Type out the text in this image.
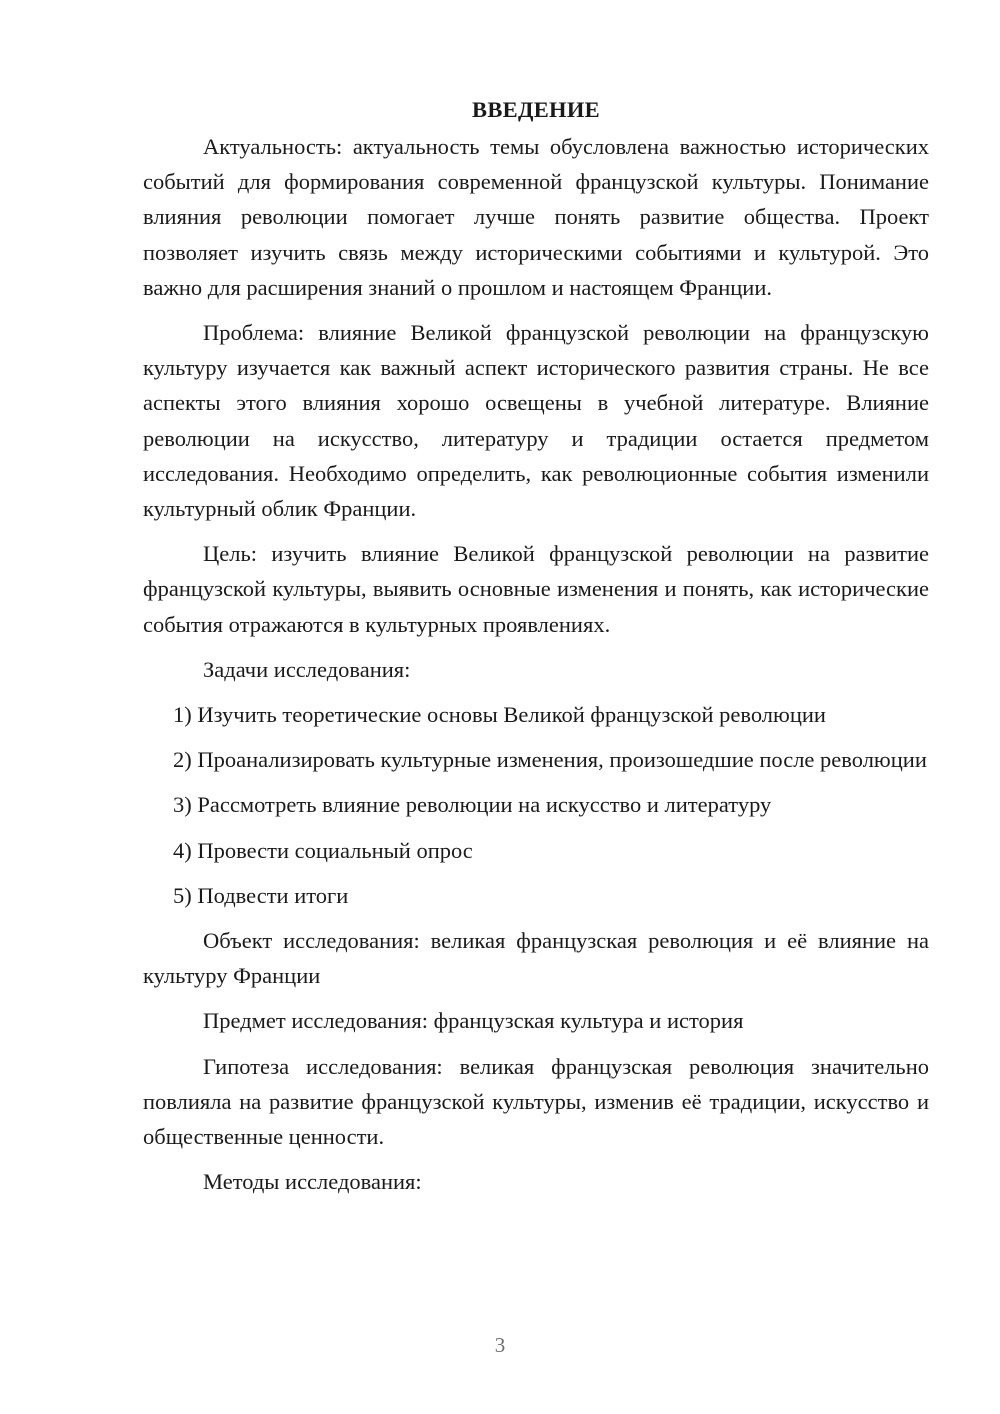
ВВЕДЕНИЕ

Актуальность: актуальность темы обусловлена важностью исторических событий для формирования современной французской культуры. Понимание влияния революции помогает лучше понять развитие общества. Проект позволяет изучить связь между историческими событиями и культурой. Это важно для расширения знаний о прошлом и настоящем Франции.

Проблема: влияние Великой французской революции на французскую культуру изучается как важный аспект исторического развития страны. Не все аспекты этого влияния хорошо освещены в учебной литературе. Влияние революции на искусство, литературу и традиции остается предметом исследования. Необходимо определить, как революционные события изменили культурный облик Франции.

Цель: изучить влияние Великой французской революции на развитие французской культуры, выявить основные изменения и понять, как исторические события отражаются в культурных проявлениях.

Задачи исследования:

1) Изучить теоретические основы Великой французской революции

2) Проанализировать культурные изменения, произошедшие после революции

3) Рассмотреть влияние революции на искусство и литературу

4) Провести социальный опрос

5) Подвести итоги

Объект исследования: великая французская революция и её влияние на культуру Франции

Предмет исследования: французская культура и история

Гипотеза исследования: великая французская революция значительно повлияла на развитие французской культуры, изменив её традиции, искусство и общественные ценности.

Методы исследования:

3
